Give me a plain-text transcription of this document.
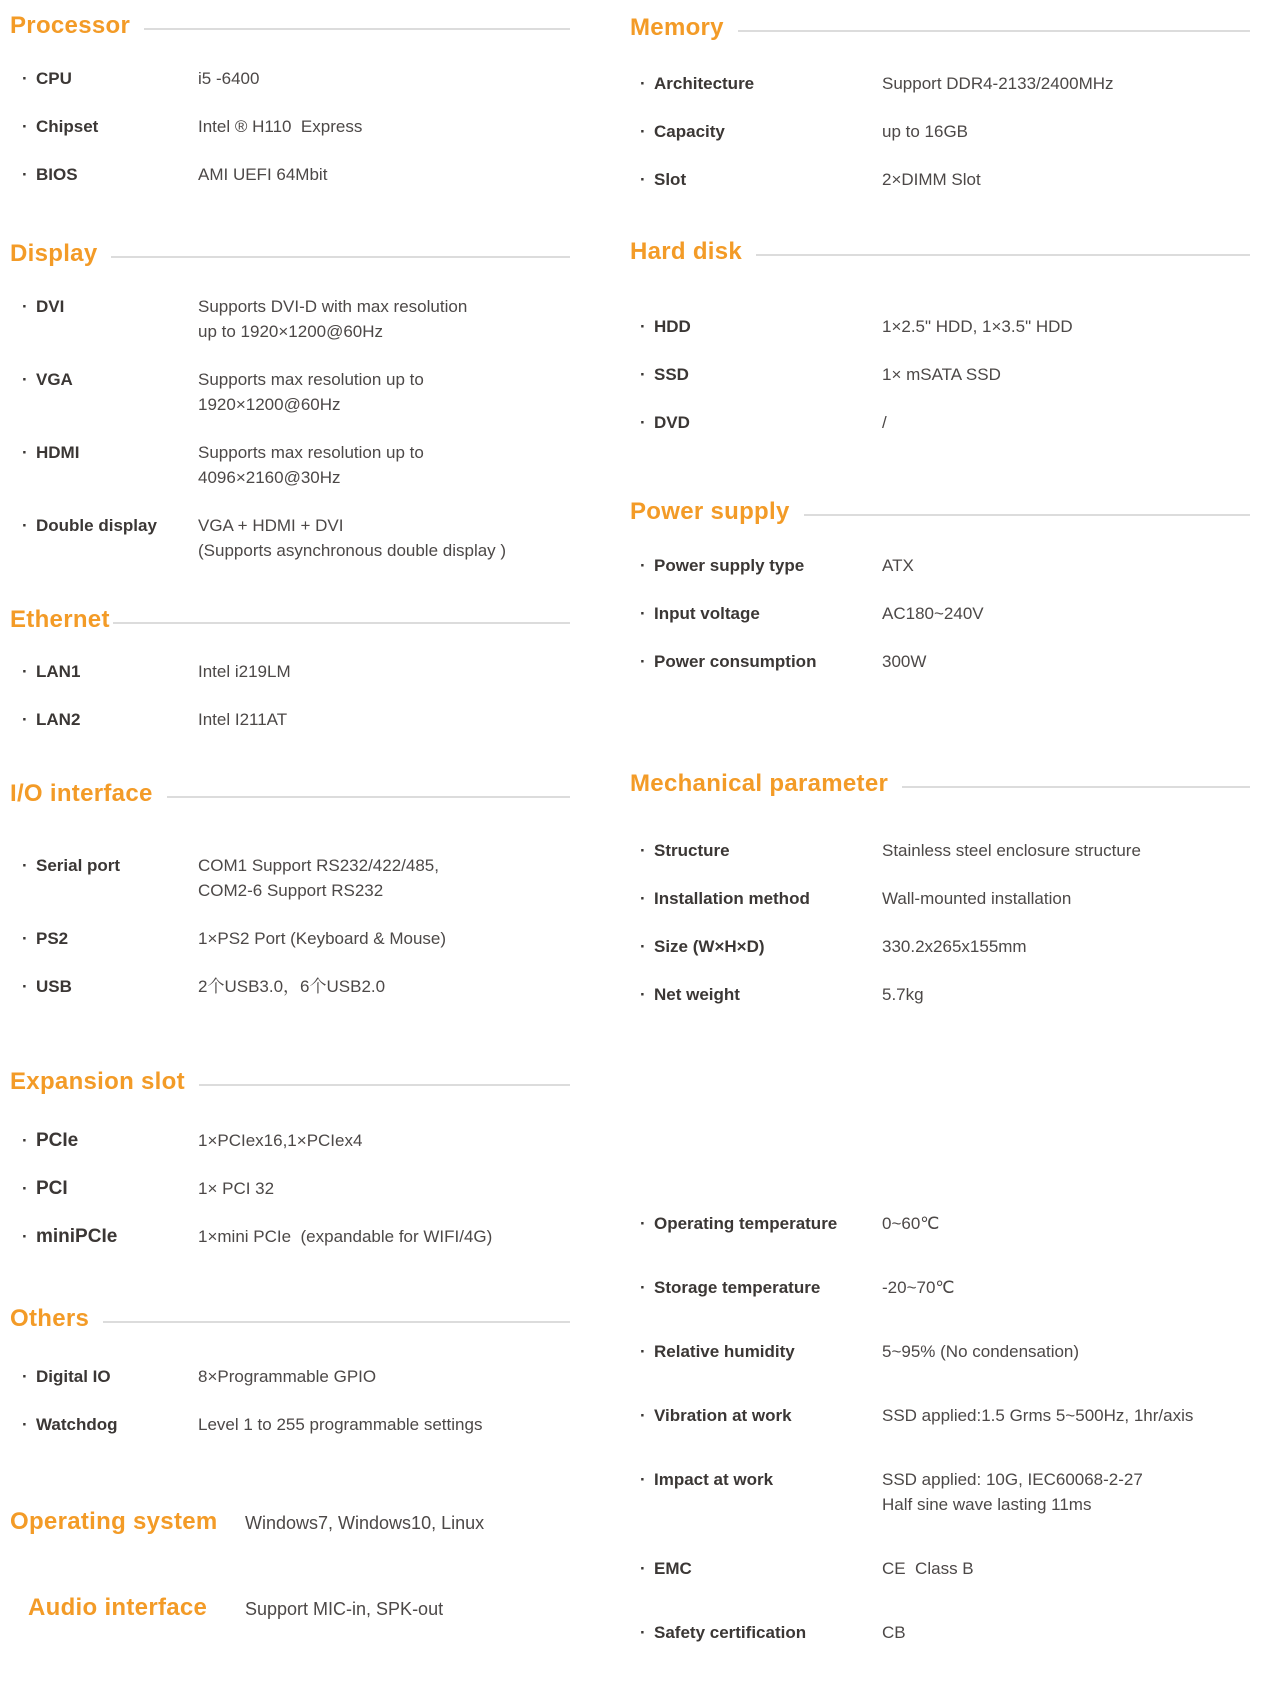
Processor
·CPU	i5 -6400
·Chipset	Intel ® H110  Express
·BIOS	AMI UEFI 64Mbit
Display
·DVI	Supports DVI-D with max resolution
up to 1920×1200@60Hz
·VGA	Supports max resolution up to
1920×1200@60Hz
·HDMI	Supports max resolution up to
4096×2160@30Hz
·Double display	VGA + HDMI + DVI
(Supports asynchronous double display )
Ethernet
·LAN1	Intel i219LM
·LAN2	Intel I211AT
I/O interface
·Serial port	COM1 Support RS232/422/485,
COM2-6 Support RS232
·PS2	1×PS2 Port (Keyboard & Mouse)
·USB	2个USB3.0，6个USB2.0
Expansion slot
·PCIe	1×PCIex16,1×PCIex4
·PCI	1× PCI 32
·miniPCIe	1×mini PCIe  (expandable for WIFI/4G)
Others
·Digital IO	8×Programmable GPIO
·Watchdog	Level 1 to 255 programmable settings
Operating system Windows7, Windows10, Linux
Audio interface Support MIC-in, SPK-out
Memory
·Architecture	Support DDR4-2133/2400MHz
·Capacity	up to 16GB
·Slot	2×DIMM Slot
Hard disk
·HDD	1×2.5" HDD, 1×3.5" HDD
·SSD	1× mSATA SSD
·DVD	/
Power supply
·Power supply type	ATX
·Input voltage	AC180~240V
·Power consumption	300W
Mechanical parameter
·Structure	Stainless steel enclosure structure
·Installation method	Wall-mounted installation
·Size (W×H×D)	330.2x265x155mm
·Net weight	5.7kg
·Operating temperature	0~60℃
·Storage temperature	-20~70℃
·Relative humidity	5~95% (No condensation)
·Vibration at work	SSD applied:1.5 Grms 5~500Hz, 1hr/axis
·Impact at work	SSD applied: 10G, IEC60068-2-27
Half sine wave lasting 11ms
·EMC	CE  Class B
·Safety certification	CB
